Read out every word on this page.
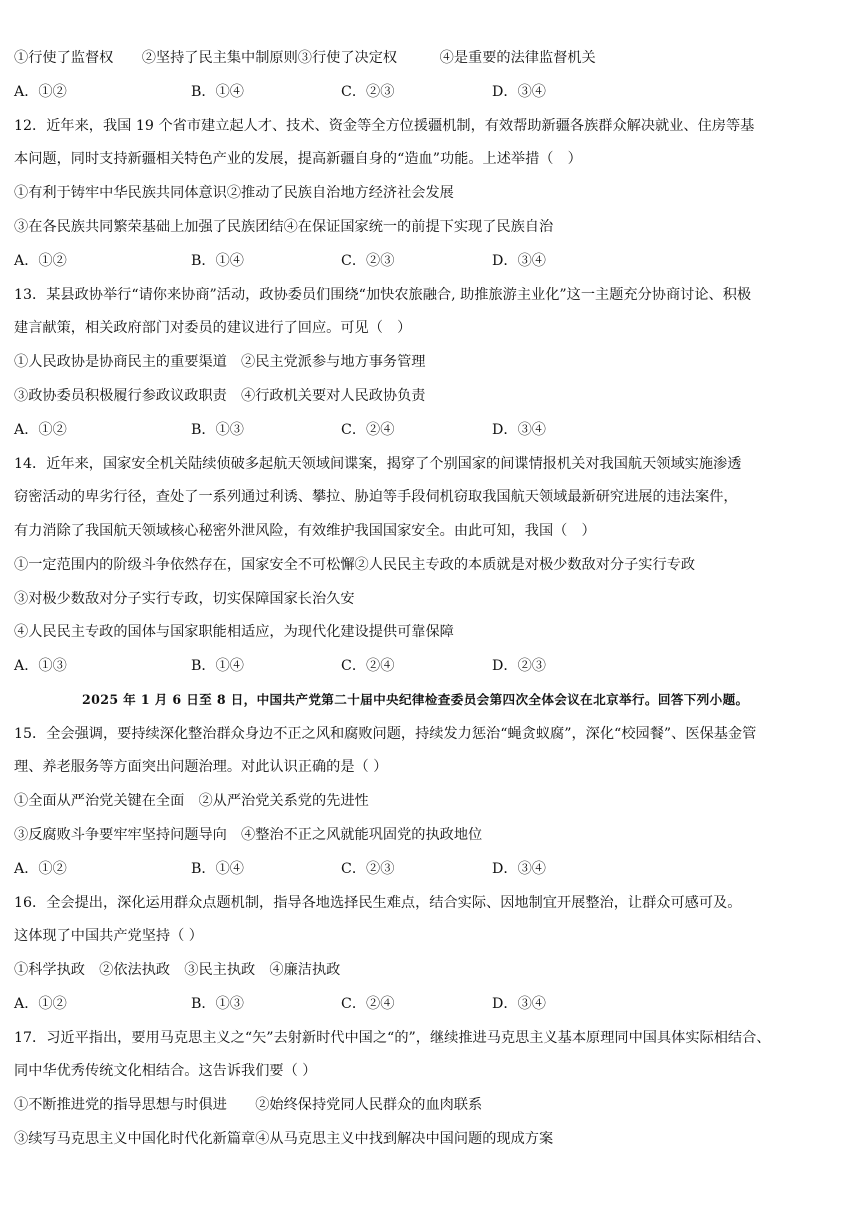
①行使了监督权　　②坚持了民主集中制原则③行使了决定权　　　④是重要的法律监督机关
A．①②	B．①④	C．②③	D．③④
12．近年来，我国 19 个省市建立起人才、技术、资金等全方位援疆机制，有效帮助新疆各族群众解决就业、住房等基
本问题，同时支持新疆相关特色产业的发展，提高新疆自身的“造血”功能。上述举措（　）
①有利于铸牢中华民族共同体意识②推动了民族自治地方经济社会发展
③在各民族共同繁荣基础上加强了民族团结④在保证国家统一的前提下实现了民族自治
A．①②	B．①④	C．②③	D．③④
13．某县政协举行“请你来协商”活动，政协委员们围绕“加快农旅融合, 助推旅游主业化”这一主题充分协商讨论、积极
建言献策，相关政府部门对委员的建议进行了回应。可见（　）
①人民政协是协商民主的重要渠道　②民主党派参与地方事务管理
③政协委员积极履行参政议政职责　④行政机关要对人民政协负责
A．①②	B．①③	C．②④	D．③④
14．近年来，国家安全机关陆续侦破多起航天领域间谍案，揭穿了个别国家的间谍情报机关对我国航天领域实施渗透
窃密活动的卑劣行径，查处了一系列通过利诱、攀拉、胁迫等手段伺机窃取我国航天领域最新研究进展的违法案件，
有力消除了我国航天领域核心秘密外泄风险，有效维护我国国家安全。由此可知，我国（　）
①一定范围内的阶级斗争依然存在，国家安全不可松懈②人民民主专政的本质就是对极少数敌对分子实行专政
③对极少数敌对分子实行专政，切实保障国家长治久安
④人民民主专政的国体与国家职能相适应，为现代化建设提供可靠保障
A．①③	B．①④	C．②④	D．②③
2025 年 1 月 6 日至 8 日，中国共产党第二十届中央纪律检查委员会第四次全体会议在北京举行。回答下列小题。
15．全会强调，要持续深化整治群众身边不正之风和腐败问题，持续发力惩治“蝇贪蚁腐”，深化“校园餐”、医保基金管
理、养老服务等方面突出问题治理。对此认识正确的是（ ）
①全面从严治党关键在全面　②从严治党关系党的先进性
③反腐败斗争要牢牢坚持问题导向　④整治不正之风就能巩固党的执政地位
A．①②	B．①④	C．②③	D．③④
16．全会提出，深化运用群众点题机制，指导各地选择民生难点，结合实际、因地制宜开展整治，让群众可感可及。
这体现了中国共产党坚持（ ）
①科学执政　②依法执政　③民主执政　④廉洁执政
A．①②	B．①③	C．②④	D．③④
17．习近平指出，要用马克思主义之“矢”去射新时代中国之“的”，继续推进马克思主义基本原理同中国具体实际相结合、
同中华优秀传统文化相结合。这告诉我们要（ ）
①不断推进党的指导思想与时俱进　　②始终保持党同人民群众的血肉联系
③续写马克思主义中国化时代化新篇章④从马克思主义中找到解决中国问题的现成方案
